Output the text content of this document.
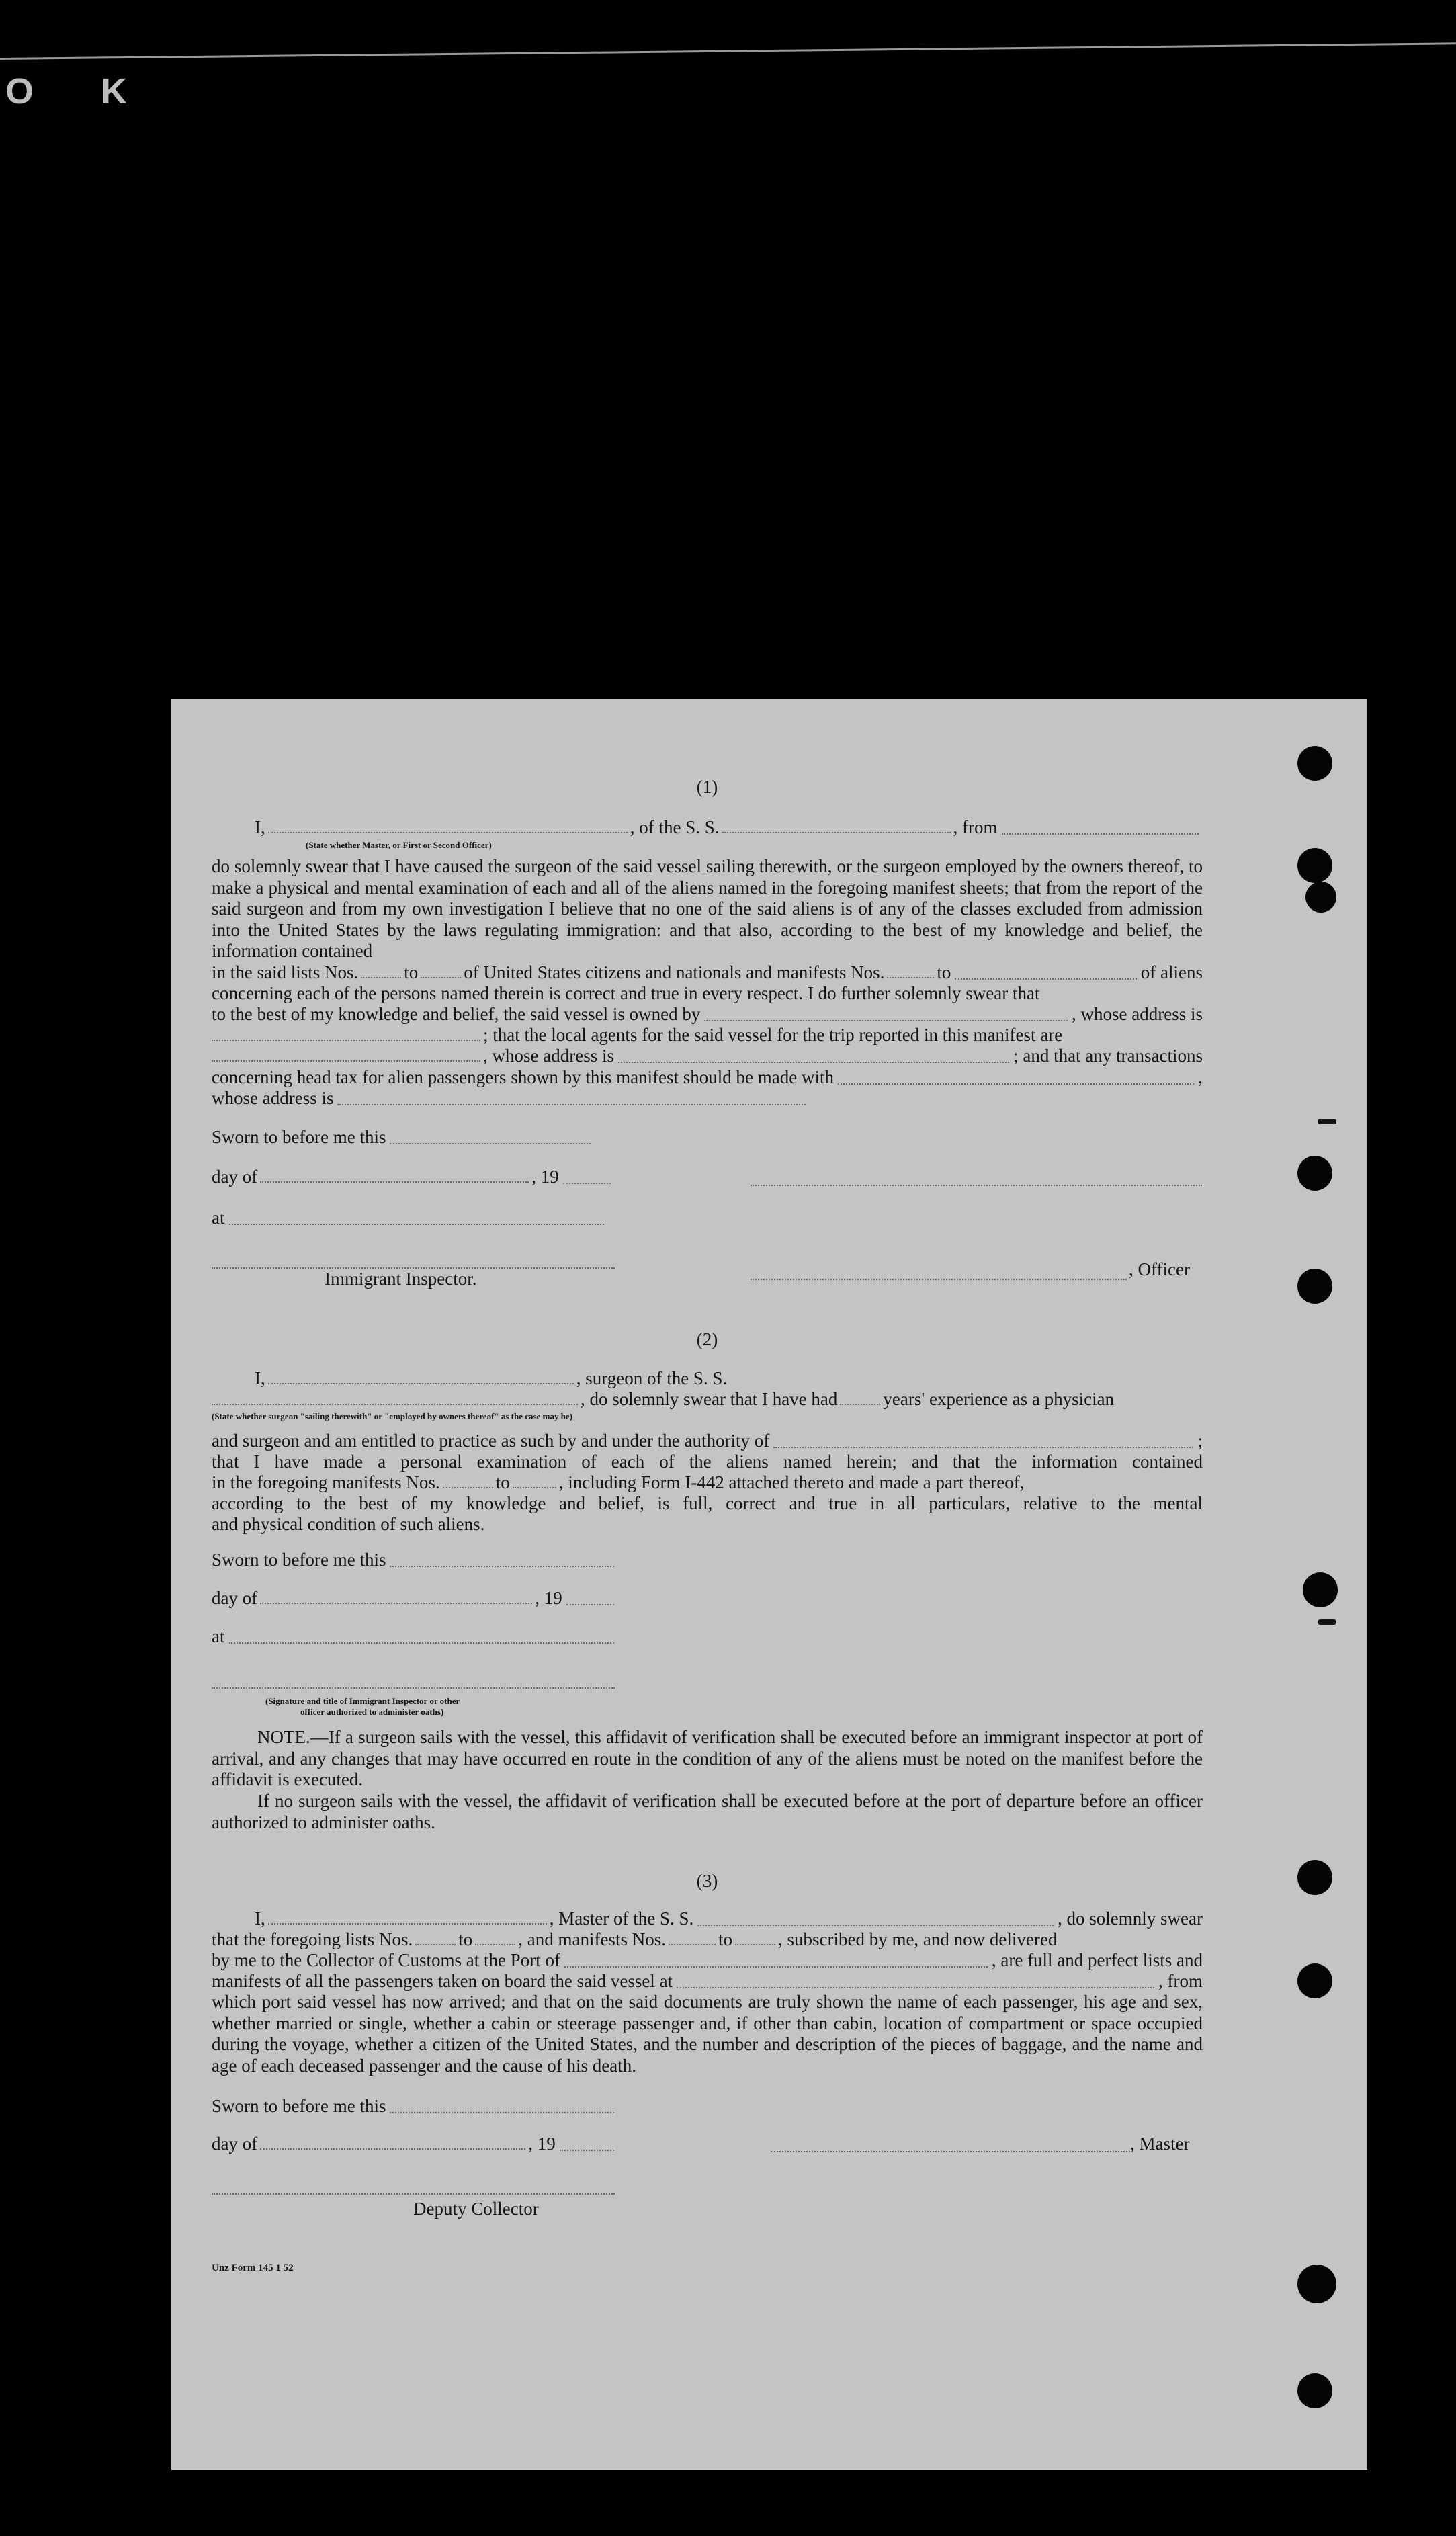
O K
(1)
I,	, of the S. S.	, from
(State whether Master, or First or Second Officer)
do solemnly swear that I have caused the surgeon of the said vessel sailing therewith, or the surgeon employed by the owners thereof, to make a physical and mental examination of each and all of the aliens named in the foregoing manifest sheets; that from the report of the said surgeon and from my own investigation I believe that no one of the said aliens is of any of the classes excluded from admission into the United States by the laws regulating immigration: and that also, according to the best of my knowledge and belief, the information contained
in the said lists Nos.	to	of United States citizens and nationals and manifests Nos.	to	of aliens
concerning each of the persons named therein is correct and true in every respect. I do further solemnly swear that
to the best of my knowledge and belief, the said vessel is owned by	, whose address is
; that the local agents for the said vessel for the trip reported in this manifest are
, whose address is	; and that any transactions
concerning head tax for alien passengers shown by this manifest should be made with	,
whose address is
Sworn to before me this
day of	, 19
at
, Officer
Immigrant Inspector.
(2)
I,	, surgeon of the S. S.
, do solemnly swear that I have had	years' experience as a physician
(State whether surgeon "sailing therewith" or "employed by owners thereof" as the case may be)
and surgeon and am entitled to practice as such by and under the authority of	;
that I have made a personal examination of each of the aliens named herein; and that the information contained
in the foregoing manifests Nos.	to	, including Form I-442 attached thereto and made a part thereof,
according to the best of my knowledge and belief, is full, correct and true in all particulars, relative to the mental
and physical condition of such aliens.
Sworn to before me this
day of	, 19
at
(Signature and title of Immigrant Inspector or other
officer authorized to administer oaths)
NOTE.—If a surgeon sails with the vessel, this affidavit of verification shall be executed before an immigrant inspector at port of arrival, and any changes that may have occurred en route in the condition of any of the aliens must be noted on the manifest before the affidavit is executed.
If no surgeon sails with the vessel, the affidavit of verification shall be executed before at the port of departure before an officer authorized to administer oaths.
(3)
I,	, Master of the S. S.	, do solemnly swear
that the foregoing lists Nos.	to	, and manifests Nos.	to	, subscribed by me, and now delivered
by me to the Collector of Customs at the Port of	, are full and perfect lists and
manifests of all the passengers taken on board the said vessel at	, from
which port said vessel has now arrived; and that on the said documents are truly shown the name of each passenger, his age and sex, whether married or single, whether a cabin or steerage passenger and, if other than cabin, location of compartment or space occupied during the voyage, whether a citizen of the United States, and the number and description of the pieces of baggage, and the name and age of each deceased passenger and the cause of his death.
Sworn to before me this
day of	, 19	, Master
Deputy Collector
Unz Form 145 1 52
